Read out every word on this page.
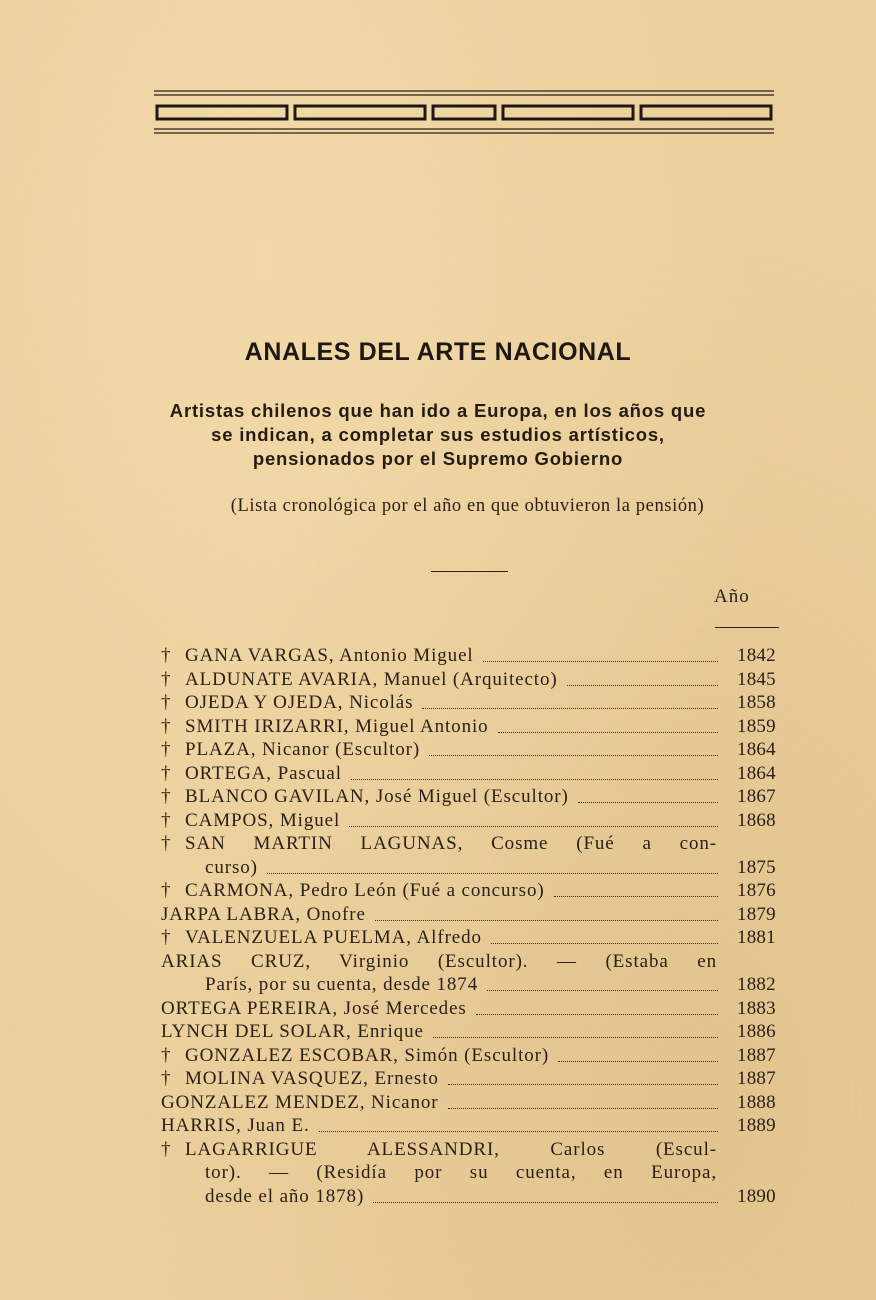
ANALES DEL ARTE NACIONAL
Artistas chilenos que han ido a Europa, en los años que
se indican, a completar sus estudios artísticos,
pensionados por el Supremo Gobierno
(Lista cronológica por el año en que obtuvieron la pensión)
Año
† GANA VARGAS, Antonio Miguel	1842
† ALDUNATE AVARIA, Manuel (Arquitecto)	1845
† OJEDA Y OJEDA, Nicolás	1858
† SMITH IRIZARRI, Miguel Antonio	1859
† PLAZA, Nicanor (Escultor)	1864
† ORTEGA, Pascual	1864
† BLANCO GAVILAN, José Miguel (Escultor)	1867
† CAMPOS, Miguel	1868
† SAN MARTIN LAGUNAS, Cosme (Fué a con-
curso)	1875
† CARMONA, Pedro León (Fué a concurso)	1876
JARPA LABRA, Onofre	1879
† VALENZUELA PUELMA, Alfredo	1881
ARIAS CRUZ, Virginio (Escultor). — (Estaba en
París, por su cuenta, desde 1874	1882
ORTEGA PEREIRA, José Mercedes	1883
LYNCH DEL SOLAR, Enrique	1886
† GONZALEZ ESCOBAR, Simón (Escultor)	1887
† MOLINA VASQUEZ, Ernesto	1887
GONZALEZ MENDEZ, Nicanor	1888
HARRIS, Juan E.	1889
† LAGARRIGUE ALESSANDRI, Carlos (Escul-
tor). — (Residía por su cuenta, en Europa,
desde el año 1878)	1890
